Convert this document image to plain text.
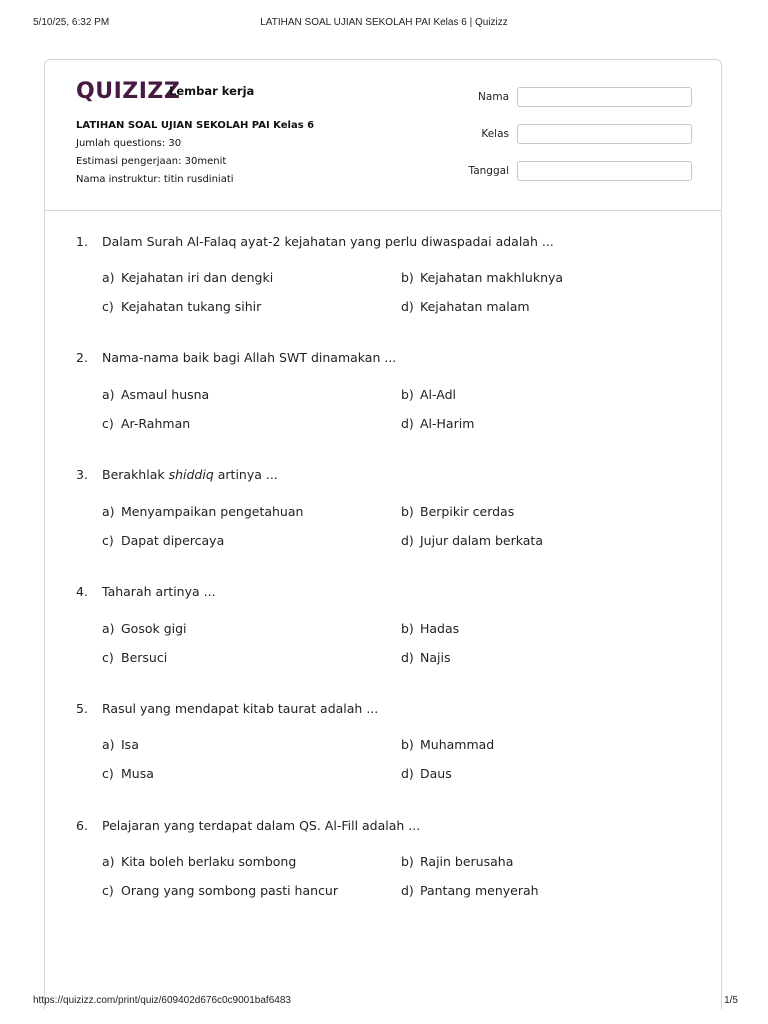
5/10/25, 6:32 PM	LATIHAN SOAL UJIAN SEKOLAH PAI Kelas 6 | Quizizz
QUIZIZZ
Lembar kerja
LATIHAN SOAL UJIAN SEKOLAH PAI Kelas 6
Jumlah questions: 30
Estimasi pengerjaan: 30menit
Nama instruktur: titin rusdiniati
Nama
Kelas
Tanggal
1. Dalam Surah Al-Falaq ayat-2 kejahatan yang perlu diwaspadai adalah ...
a) Kejahatan iri dan dengki	b) Kejahatan makhluknya
c) Kejahatan tukang sihir	d) Kejahatan malam
2. Nama-nama baik bagi Allah SWT dinamakan ...
a) Asmaul husna	b) Al-Adl
c) Ar-Rahman	d) Al-Harim
3. Berakhlak shiddiq artinya ...
a) Menyampaikan pengetahuan	b) Berpikir cerdas
c) Dapat dipercaya	d) Jujur dalam berkata
4. Taharah artinya ...
a) Gosok gigi	b) Hadas
c) Bersuci	d) Najis
5. Rasul yang mendapat kitab taurat adalah ...
a) Isa	b) Muhammad
c) Musa	d) Daus
6. Pelajaran yang terdapat dalam QS. Al-Fill adalah ...
a) Kita boleh berlaku sombong	b) Rajin berusaha
c) Orang yang sombong pasti hancur	d) Pantang menyerah
https://quizizz.com/print/quiz/609402d676c0c9001baf6483	1/5
